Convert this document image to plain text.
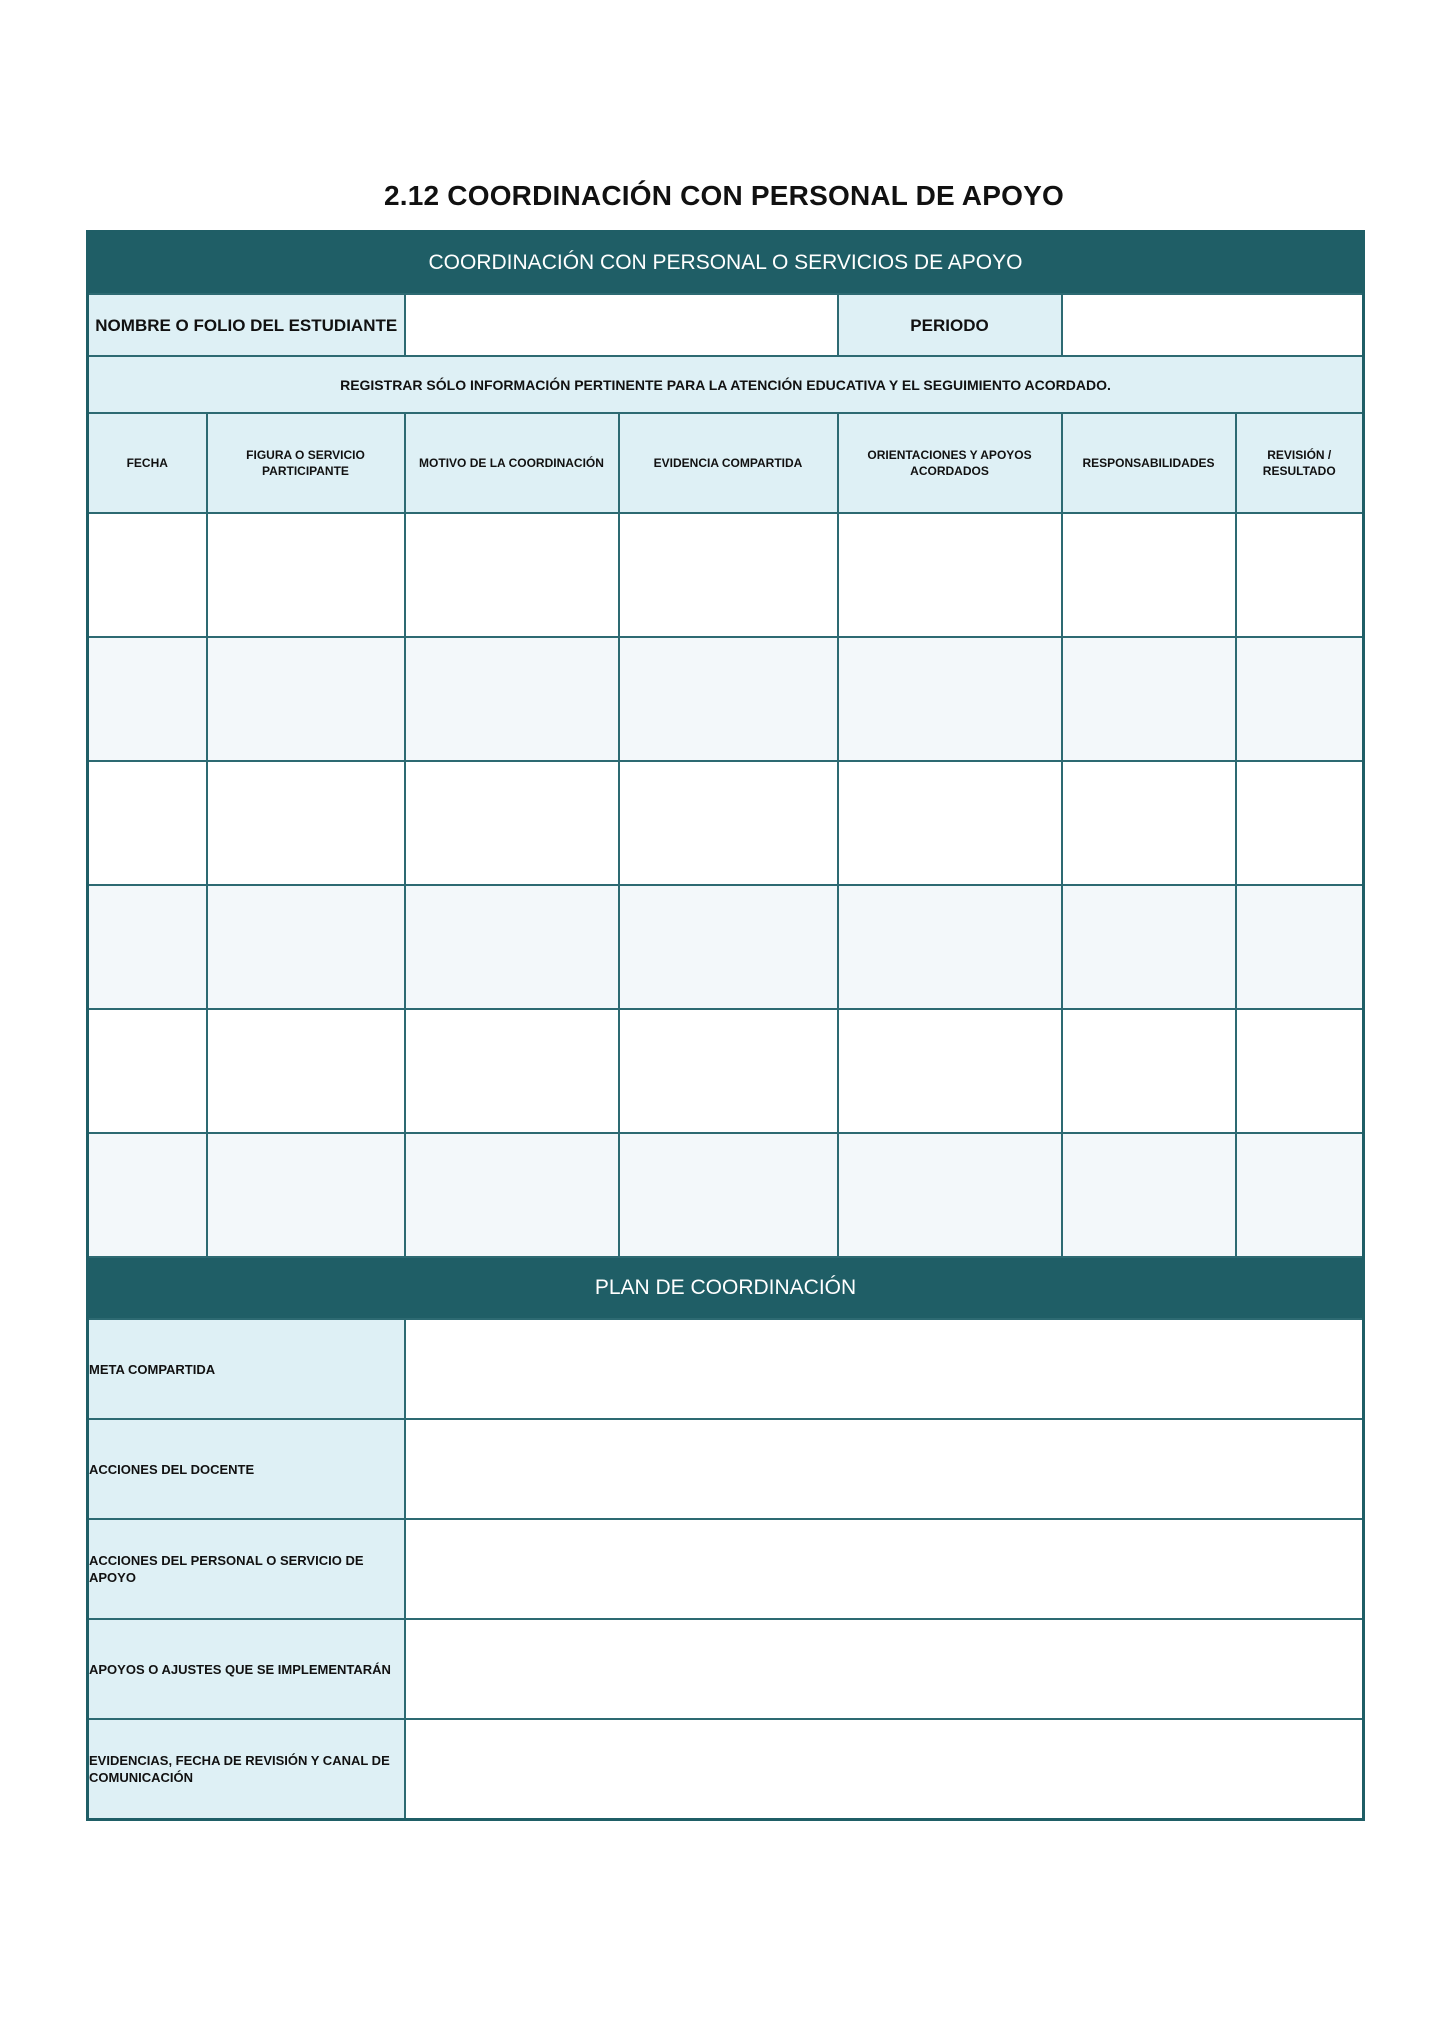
2.12 COORDINACIÓN CON PERSONAL DE APOYO
COORDINACIÓN CON PERSONAL O SERVICIOS DE APOYO						
NOMBRE O FOLIO DEL ESTUDIANTE				PERIODO		
REGISTRAR SÓLO INFORMACIÓN PERTINENTE PARA LA ATENCIÓN EDUCATIVA Y EL SEGUIMIENTO ACORDADO.						
FECHA	FIGURA O SERVICIO PARTICIPANTE	MOTIVO DE LA COORDINACIÓN	EVIDENCIA COMPARTIDA	ORIENTACIONES Y APOYOS ACORDADOS	RESPONSABILIDADES	REVISIÓN / RESULTADO

PLAN DE COORDINACIÓN						
META COMPARTIDA						
ACCIONES DEL DOCENTE						
ACCIONES DEL PERSONAL O SERVICIO DE APOYO						
APOYOS O AJUSTES QUE SE IMPLEMENTARÁN						
EVIDENCIAS, FECHA DE REVISIÓN Y CANAL DE COMUNICACIÓN						
